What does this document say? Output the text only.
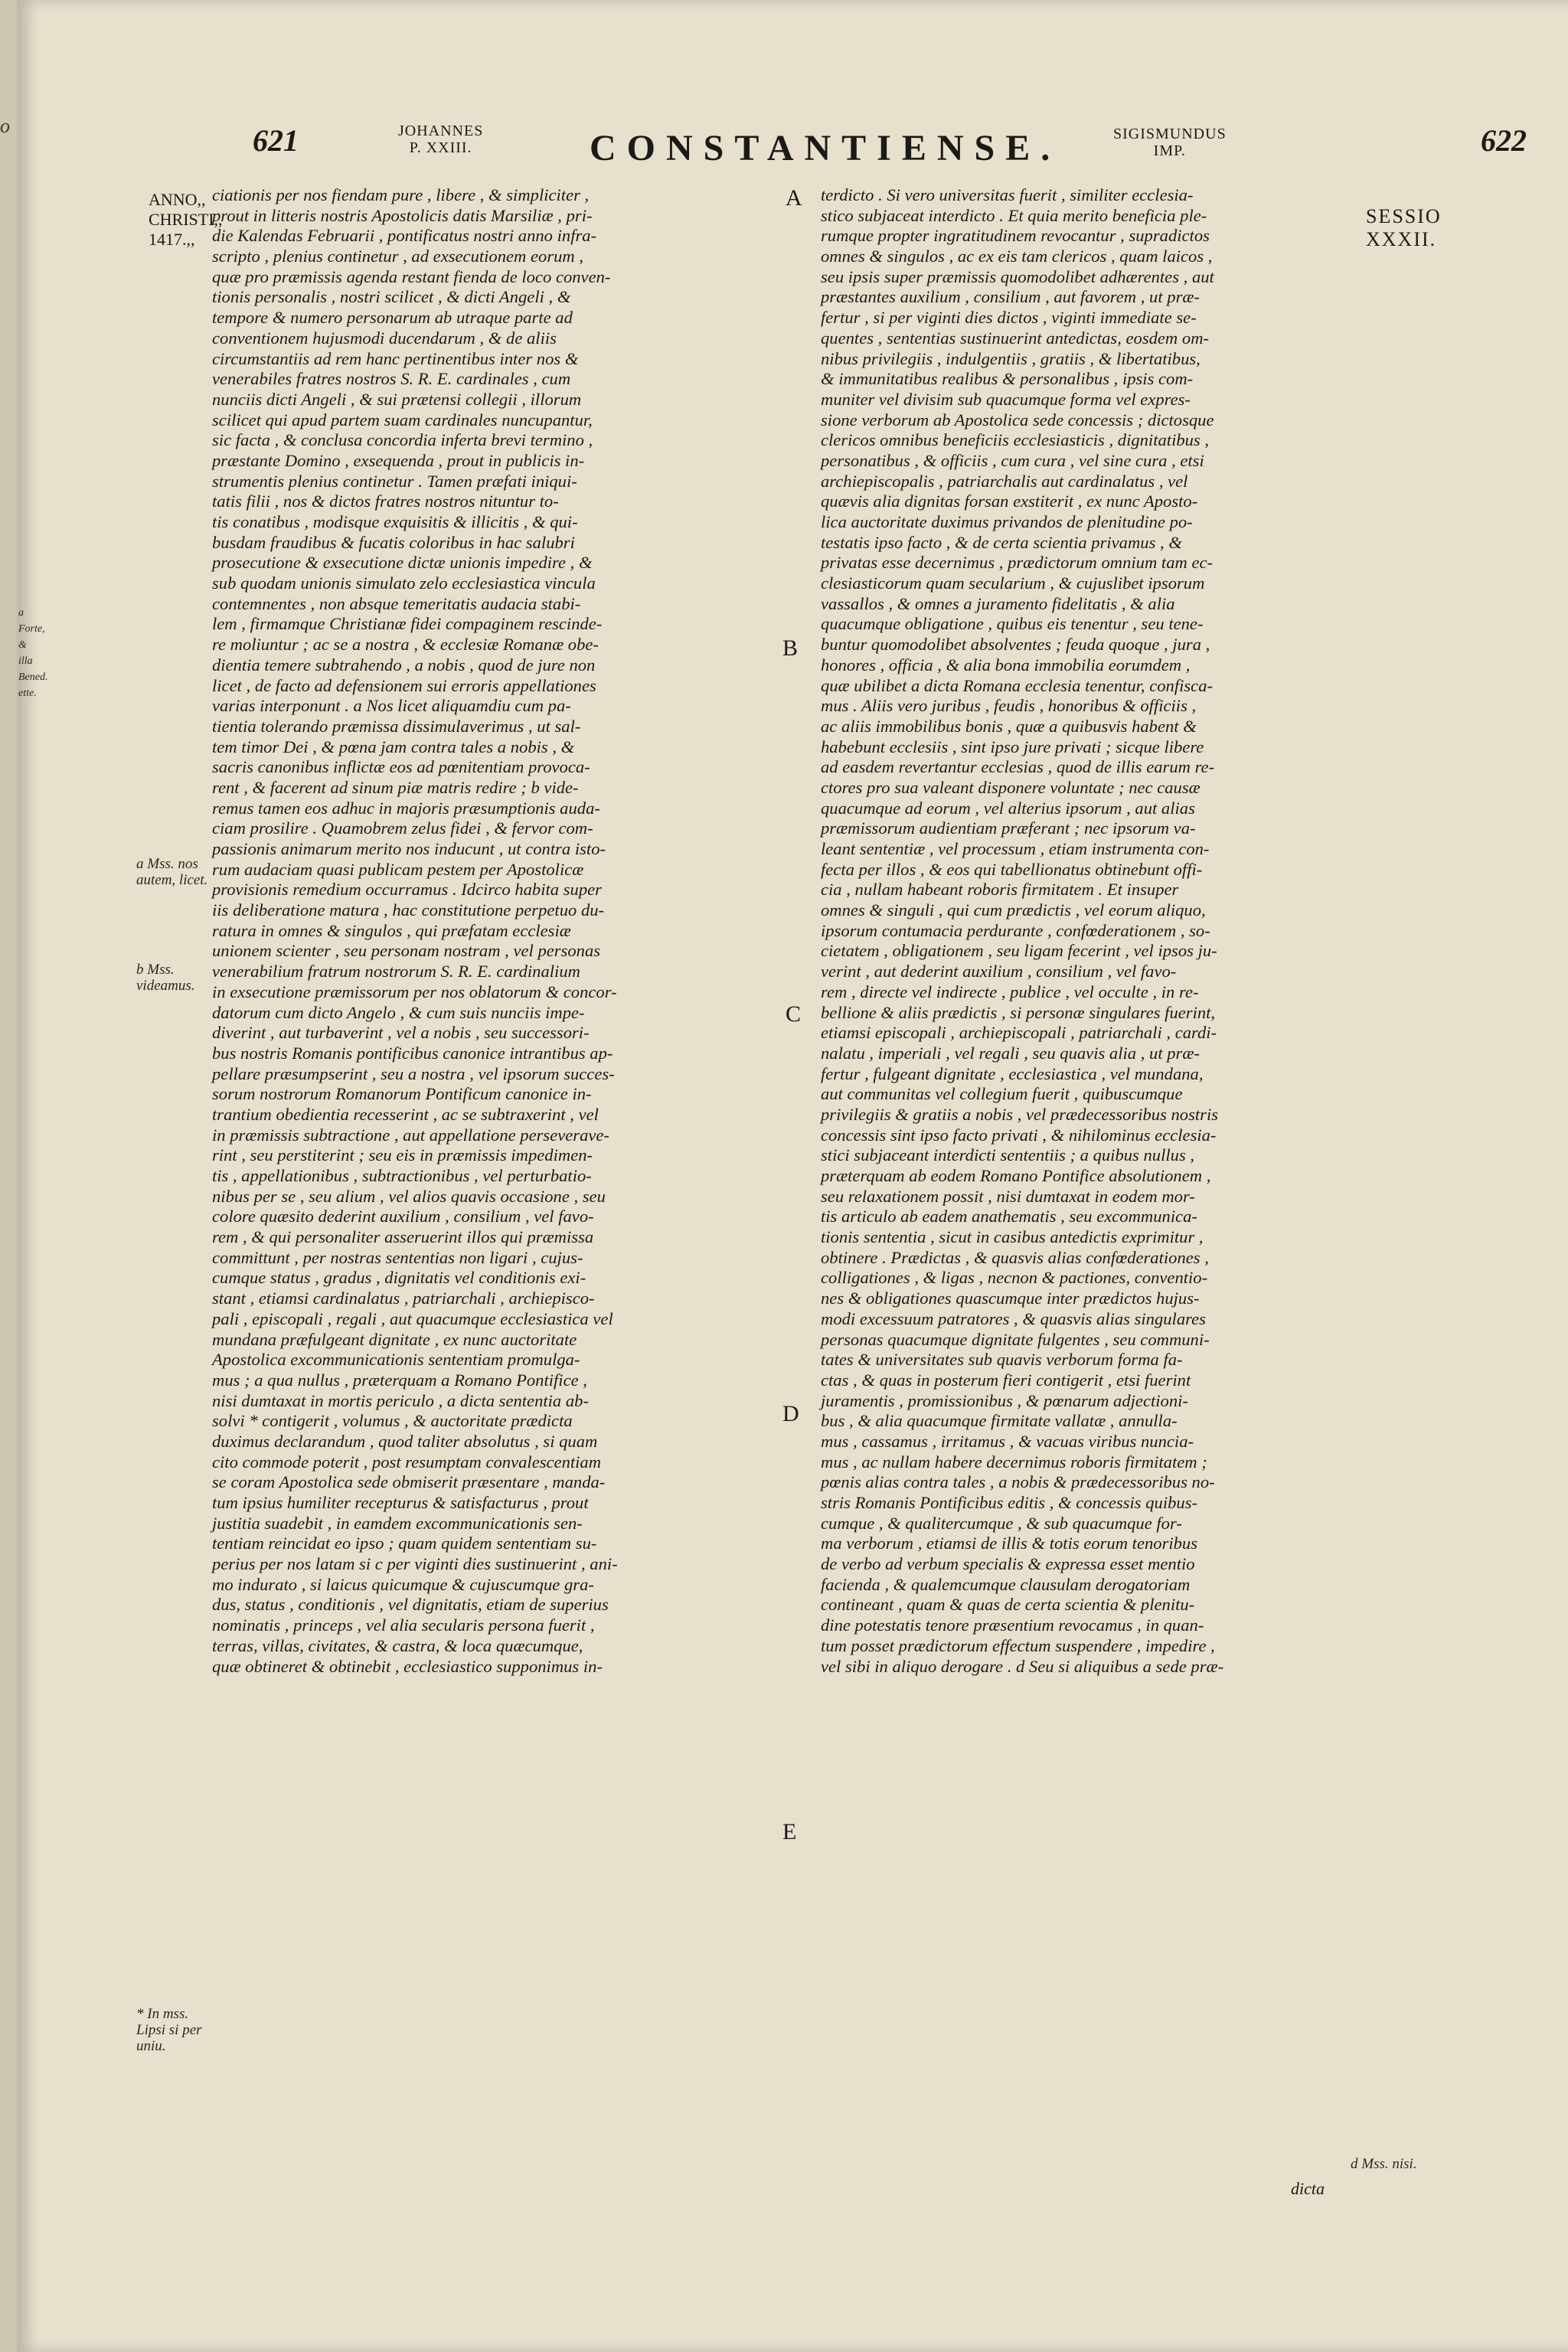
o	621	JOHANNES
P. XXIII.	CONSTANTIENSE.	SIGISMUNDUS
IMP.	622
ANNO,,
CHRISTI,,
1417.,,
SESSIO
XXXII.
a Forte, & illa Bened. ette.
a Mss. nos autem, licet.
b Mss. videamus.
* In mss. Lipsi si per uniu.
d Mss. nisi.
A
B
C
D
E
ciationis per nos fiendam pure , libere , & simpliciter ,
prout in litteris nostris Apostolicis datis Marsiliæ , pri-
die Kalendas Februarii , pontificatus nostri anno infra-
scripto , plenius continetur , ad exsecutionem eorum ,
quæ pro præmissis agenda restant fienda de loco conven-
tionis personalis , nostri scilicet , & dicti Angeli , &
tempore & numero personarum ab utraque parte ad
conventionem hujusmodi ducendarum , & de aliis
circumstantiis ad rem hanc pertinentibus inter nos &
venerabiles fratres nostros S. R. E. cardinales , cum
nunciis dicti Angeli , & sui prætensi collegii , illorum
scilicet qui apud partem suam cardinales nuncupantur,
sic facta , & conclusa concordia inferta brevi termino ,
præstante Domino , exsequenda , prout in publicis in-
strumentis plenius continetur . Tamen præfati iniqui-
tatis filii , nos & dictos fratres nostros nituntur to-
tis conatibus , modisque exquisitis & illicitis , & qui-
busdam fraudibus & fucatis coloribus in hac salubri
prosecutione & exsecutione dictæ unionis impedire , &
sub quodam unionis simulato zelo ecclesiastica vincula
contemnentes , non absque temeritatis audacia stabi-
lem , firmamque Christianæ fidei compaginem rescinde-
re moliuntur ; ac se a nostra , & ecclesiæ Romanæ obe-
dientia temere subtrahendo , a nobis , quod de jure non
licet , de facto ad defensionem sui erroris appellationes
varias interponunt . a Nos licet aliquamdiu cum pa-
tientia tolerando præmissa dissimulaverimus , ut sal-
tem timor Dei , & pœna jam contra tales a nobis , &
sacris canonibus inflictæ eos ad pœnitentiam provoca-
rent , & facerent ad sinum piæ matris redire ; b vide-
remus tamen eos adhuc in majoris præsumptionis auda-
ciam prosilire . Quamobrem zelus fidei , & fervor com-
passionis animarum merito nos inducunt , ut contra isto-
rum audaciam quasi publicam pestem per Apostolicæ
provisionis remedium occurramus . Idcirco habita super
iis deliberatione matura , hac constitutione perpetuo du-
ratura in omnes & singulos , qui præfatam ecclesiæ
unionem scienter , seu personam nostram , vel personas
venerabilium fratrum nostrorum S. R. E. cardinalium
in exsecutione præmissorum per nos oblatorum & concor-
datorum cum dicto Angelo , & cum suis nunciis impe-
diverint , aut turbaverint , vel a nobis , seu successori-
bus nostris Romanis pontificibus canonice intrantibus ap-
pellare præsumpserint , seu a nostra , vel ipsorum succes-
sorum nostrorum Romanorum Pontificum canonice in-
trantium obedientia recesserint , ac se subtraxerint , vel
in præmissis subtractione , aut appellatione perseverave-
rint , seu perstiterint ; seu eis in præmissis impedimen-
tis , appellationibus , subtractionibus , vel perturbatio-
nibus per se , seu alium , vel alios quavis occasione , seu
colore quæsito dederint auxilium , consilium , vel favo-
rem , & qui personaliter asseruerint illos qui præmissa
committunt , per nostras sententias non ligari , cujus-
cumque status , gradus , dignitatis vel conditionis exi-
stant , etiamsi cardinalatus , patriarchali , archiepisco-
pali , episcopali , regali , aut quacumque ecclesiastica vel
mundana præfulgeant dignitate , ex nunc auctoritate
Apostolica excommunicationis sententiam promulga-
mus ; a qua nullus , præterquam a Romano Pontifice ,
nisi dumtaxat in mortis periculo , a dicta sententia ab-
solvi * contigerit , volumus , & auctoritate prædicta
duximus declarandum , quod taliter absolutus , si quam
cito commode poterit , post resumptam convalescentiam
se coram Apostolica sede obmiserit præsentare , manda-
tum ipsius humiliter recepturus & satisfacturus , prout
justitia suadebit , in eamdem excommunicationis sen-
tentiam reincidat eo ipso ; quam quidem sententiam su-
perius per nos latam si c per viginti dies sustinuerint , ani-
mo indurato , si laicus quicumque & cujuscumque gra-
dus, status , conditionis , vel dignitatis, etiam de superius
nominatis , princeps , vel alia secularis persona fuerit ,
terras, villas, civitates, & castra, & loca quæcumque,
quæ obtineret & obtinebit , ecclesiastico supponimus in-
terdicto . Si vero universitas fuerit , similiter ecclesia-
stico subjaceat interdicto . Et quia merito beneficia ple-
rumque propter ingratitudinem revocantur , supradictos
omnes & singulos , ac ex eis tam clericos , quam laicos ,
seu ipsis super præmissis quomodolibet adhærentes , aut
præstantes auxilium , consilium , aut favorem , ut præ-
fertur , si per viginti dies dictos , viginti immediate se-
quentes , sententias sustinuerint antedictas, eosdem om-
nibus privilegiis , indulgentiis , gratiis , & libertatibus,
& immunitatibus realibus & personalibus , ipsis com-
muniter vel divisim sub quacumque forma vel expres-
sione verborum ab Apostolica sede concessis ; dictosque
clericos omnibus beneficiis ecclesiasticis , dignitatibus ,
personatibus , & officiis , cum cura , vel sine cura , etsi
archiepiscopalis , patriarchalis aut cardinalatus , vel
quævis alia dignitas forsan exstiterit , ex nunc Aposto-
lica auctoritate duximus privandos de plenitudine po-
testatis ipso facto , & de certa scientia privamus , &
privatas esse decernimus , prædictorum omnium tam ec-
clesiasticorum quam secularium , & cujuslibet ipsorum
vassallos , & omnes a juramento fidelitatis , & alia
quacumque obligatione , quibus eis tenentur , seu tene-
buntur quomodolibet absolventes ; feuda quoque , jura ,
honores , officia , & alia bona immobilia eorumdem ,
quæ ubilibet a dicta Romana ecclesia tenentur, confisca-
mus . Aliis vero juribus , feudis , honoribus & officiis ,
ac aliis immobilibus bonis , quæ a quibusvis habent &
habebunt ecclesiis , sint ipso jure privati ; sicque libere
ad easdem revertantur ecclesias , quod de illis earum re-
ctores pro sua valeant disponere voluntate ; nec causæ
quacumque ad eorum , vel alterius ipsorum , aut alias
præmissorum audientiam præferant ; nec ipsorum va-
leant sententiæ , vel processum , etiam instrumenta con-
fecta per illos , & eos qui tabellionatus obtinebunt offi-
cia , nullam habeant roboris firmitatem . Et insuper
omnes & singuli , qui cum prædictis , vel eorum aliquo,
ipsorum contumacia perdurante , confœderationem , so-
cietatem , obligationem , seu ligam fecerint , vel ipsos ju-
verint , aut dederint auxilium , consilium , vel favo-
rem , directe vel indirecte , publice , vel occulte , in re-
bellione & aliis prædictis , si personæ singulares fuerint,
etiamsi episcopali , archiepiscopali , patriarchali , cardi-
nalatu , imperiali , vel regali , seu quavis alia , ut præ-
fertur , fulgeant dignitate , ecclesiastica , vel mundana,
aut communitas vel collegium fuerit , quibuscumque
privilegiis & gratiis a nobis , vel prædecessoribus nostris
concessis sint ipso facto privati , & nihilominus ecclesia-
stici subjaceant interdicti sententiis ; a quibus nullus ,
præterquam ab eodem Romano Pontifice absolutionem ,
seu relaxationem possit , nisi dumtaxat in eodem mor-
tis articulo ab eadem anathematis , seu excommunica-
tionis sententia , sicut in casibus antedictis exprimitur ,
obtinere . Prædictas , & quasvis alias confœderationes ,
colligationes , & ligas , necnon & pactiones, conventio-
nes & obligationes quascumque inter prædictos hujus-
modi excessuum patratores , & quasvis alias singulares
personas quacumque dignitate fulgentes , seu communi-
tates & universitates sub quavis verborum forma fa-
ctas , & quas in posterum fieri contigerit , etsi fuerint
juramentis , promissionibus , & pœnarum adjectioni-
bus , & alia quacumque firmitate vallatæ , annulla-
mus , cassamus , irritamus , & vacuas viribus nuncia-
mus , ac nullam habere decernimus roboris firmitatem ;
pœnis alias contra tales , a nobis & prædecessoribus no-
stris Romanis Pontificibus editis , & concessis quibus-
cumque , & qualitercumque , & sub quacumque for-
ma verborum , etiamsi de illis & totis eorum tenoribus
de verbo ad verbum specialis & expressa esset mentio
facienda , & qualemcumque clausulam derogatoriam
contineant , quam & quas de certa scientia & plenitu-
dine potestatis tenore præsentium revocamus , in quan-
tum posset prædictorum effectum suspendere , impedire ,
vel sibi in aliquo derogare . d Seu si aliquibus a sede præ-
dicta
